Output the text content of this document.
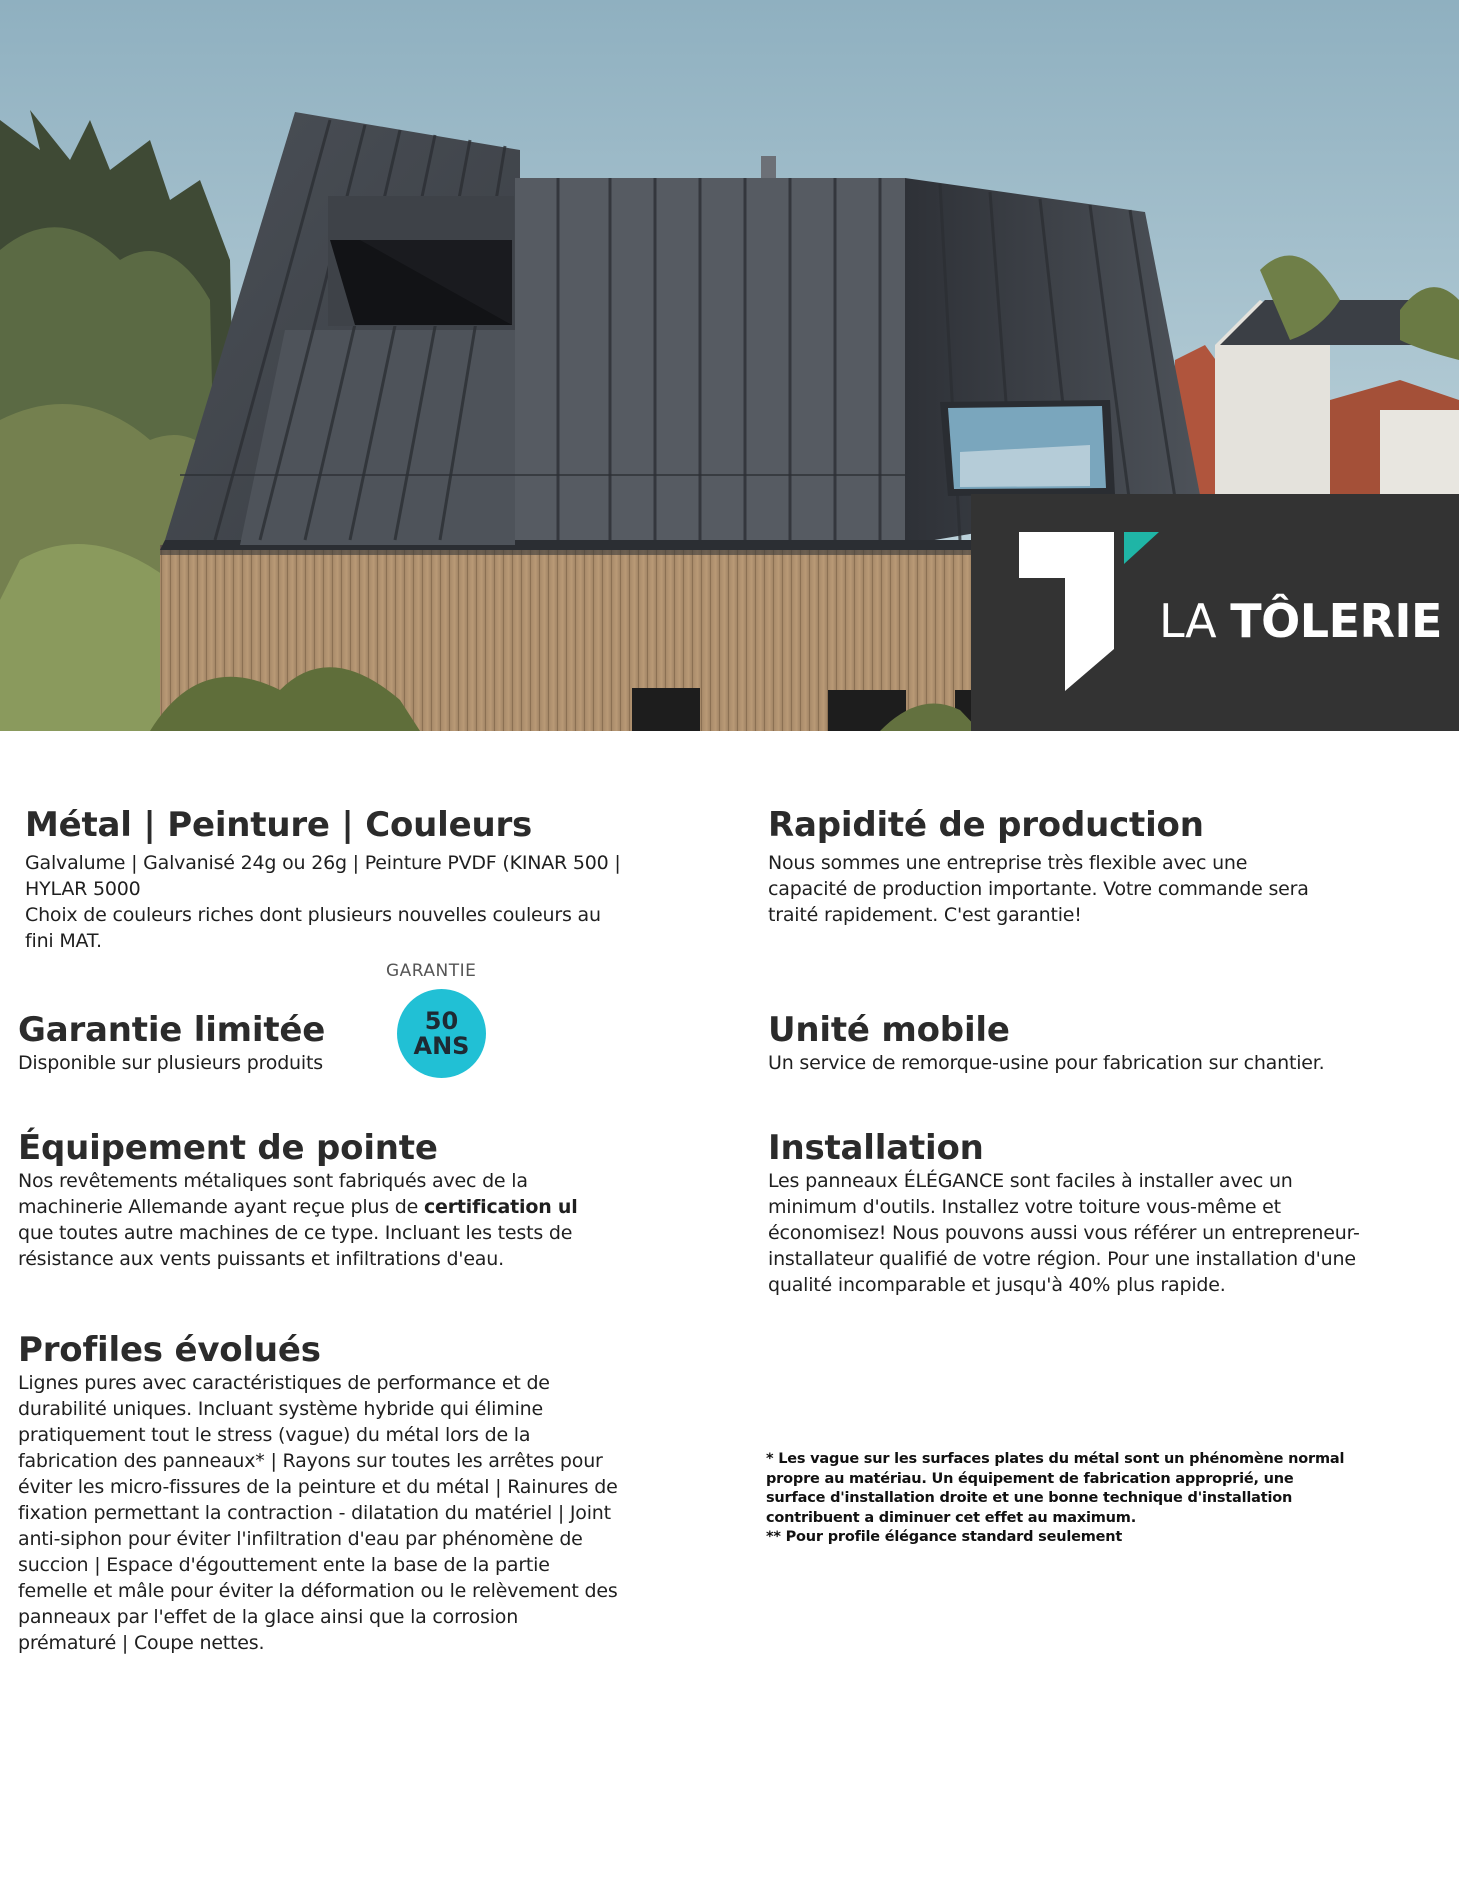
LA TÔLERIE
Métal | Peinture | Couleurs

Galvalume | Galvanisé 24g ou 26g | Peinture PVDF (KINAR 500 | HYLAR 5000

Choix de couleurs riches dont plusieurs nouvelles couleurs au fini MAT.

Garantie limitée

Disponible sur plusieurs produits

GARANTIE
50
ANS
Équipement de pointe

Nos revêtements métaliques sont fabriqués avec de la machinerie Allemande ayant reçue plus de certification ul que toutes autre machines de ce type. Incluant les tests de résistance aux vents puissants et infiltrations d'eau.

Profiles évolués

Lignes pures avec caractéristiques de performance et de durabilité uniques. Incluant système hybride qui élimine pratiquement tout le stress (vague) du métal lors de la fabrication des panneaux* | Rayons sur toutes les arrêtes pour éviter les micro-fissures de la peinture et du métal | Rainures de fixation permettant la contraction - dilatation du matériel | Joint anti-siphon pour éviter l'infiltration d'eau par phénomène de succion | Espace d'égouttement ente la base de la partie femelle et mâle pour éviter la déformation ou le relèvement des panneaux par l'effet de la glace ainsi que la corrosion prématuré | Coupe nettes.

Rapidité de production

Nous sommes une entreprise très flexible avec une capacité de production importante. Votre commande sera traité rapidement. C'est garantie!

Unité mobile

Un service de remorque-usine pour fabrication sur chantier.

Installation

Les panneaux ÉLÉGANCE sont faciles à installer avec un minimum d'outils. Installez votre toiture vous-même et économisez! Nous pouvons aussi vous référer un entrepreneur-installateur qualifié de votre région. Pour une installation d'une qualité incomparable et jusqu'à 40% plus rapide.

* Les vague sur les surfaces plates du métal sont un phénomène normal propre au matériau. Un équipement de fabrication approprié, une surface d'installation droite et une bonne technique d'installation contribuent a diminuer cet effet au maximum.

** Pour profile élégance standard seulement
